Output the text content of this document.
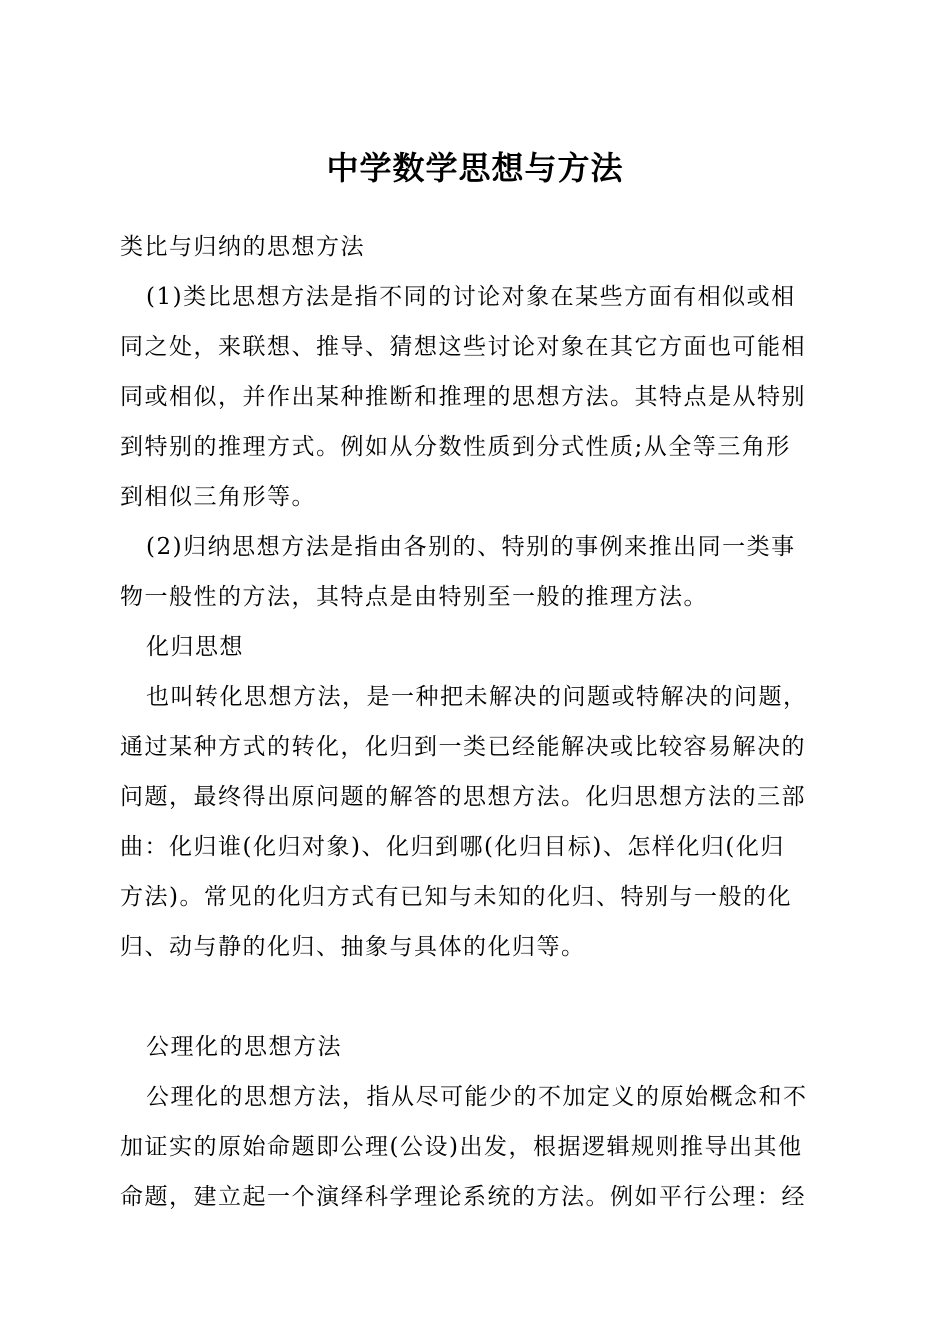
中学数学思想与方法
类比与归纳的思想方法
(1)类比思想方法是指不同的讨论对象在某些方面有相似或相
同之处，来联想、推导、猜想这些讨论对象在其它方面也可能相
同或相似，并作出某种推断和推理的思想方法。其特点是从特别
到特别的推理方式。例如从分数性质到分式性质;从全等三角形
到相似三角形等。
(2)归纳思想方法是指由各别的、特别的事例来推出同一类事
物一般性的方法，其特点是由特别至一般的推理方法。
化归思想
也叫转化思想方法，是一种把未解决的问题或特解决的问题，
通过某种方式的转化，化归到一类已经能解决或比较容易解决的
问题，最终得出原问题的解答的思想方法。化归思想方法的三部
曲：化归谁(化归对象)、化归到哪(化归目标)、怎样化归(化归
方法)。常见的化归方式有已知与未知的化归、特别与一般的化
归、动与静的化归、抽象与具体的化归等。
公理化的思想方法
公理化的思想方法，指从尽可能少的不加定义的原始概念和不
加证实的原始命题即公理(公设)出发，根据逻辑规则推导出其他
命题，建立起一个演绎科学理论系统的方法。例如平行公理：经
